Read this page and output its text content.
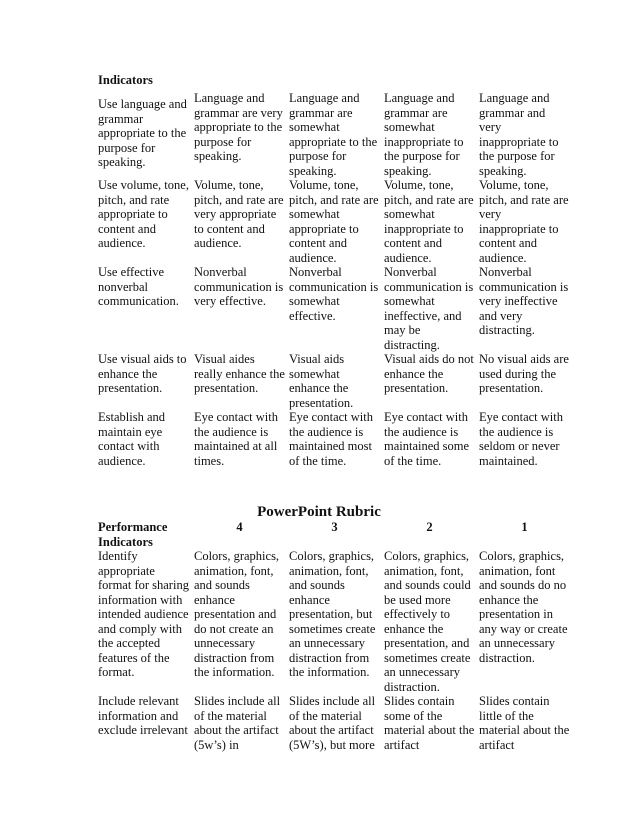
Indicators
Use language and grammar appropriate to the purpose for speaking.	Language and grammar are very appropriate to the purpose for speaking.	Language and grammar are somewhat appropriate to the purpose for speaking.	Language and grammar are somewhat inappropriate to the purpose for speaking.	Language and grammar and very inappropriate to the purpose for speaking.
Use volume, tone, pitch, and rate appropriate to content and audience.	Volume, tone, pitch, and rate are very appropriate to content and audience.	Volume, tone, pitch, and rate are somewhat appropriate to content and audience.	Volume, tone, pitch, and rate are somewhat inappropriate to content and audience.	Volume, tone, pitch, and rate are very inappropriate to content and audience.
Use effective nonverbal communication.	Nonverbal communication is very effective.	Nonverbal communication is somewhat effective.	Nonverbal communication is somewhat ineffective, and may be distracting.	Nonverbal communication is very ineffective and very distracting.
Use visual aids to enhance the presentation.	Visual aides really enhance the presentation.	Visual aids somewhat enhance the presentation.	Visual aids do not enhance the presentation.	No visual aids are used during the presentation.
Establish and maintain eye contact with audience.	Eye contact with the audience is maintained at all times.	Eye contact with the audience is maintained most of the time.	Eye contact with the audience is maintained some of the time.	Eye contact with the audience is seldom or never maintained.
PowerPoint Rubric
Performance Indicators	4	3	2	1
Identify appropriate format for sharing information with intended audience and comply with the accepted features of the format.	Colors, graphics, animation, font, and sounds enhance presentation and do not create an unnecessary distraction from the information.	Colors, graphics, animation, font, and sounds enhance presentation, but sometimes create an unnecessary distraction from the information.	Colors, graphics, animation, font, and sounds could be used more effectively to enhance the presentation, and sometimes create an unnecessary distraction.	Colors, graphics, animation, font and sounds do no enhance the presentation in any way or create an unnecessary distraction.
Include relevant information and exclude irrelevant	Slides include all of the material about the artifact (5w’s) in	Slides include all of the material about the artifact (5W’s), but more	Slides contain some of the material about the artifact	Slides contain little of the material about the artifact
